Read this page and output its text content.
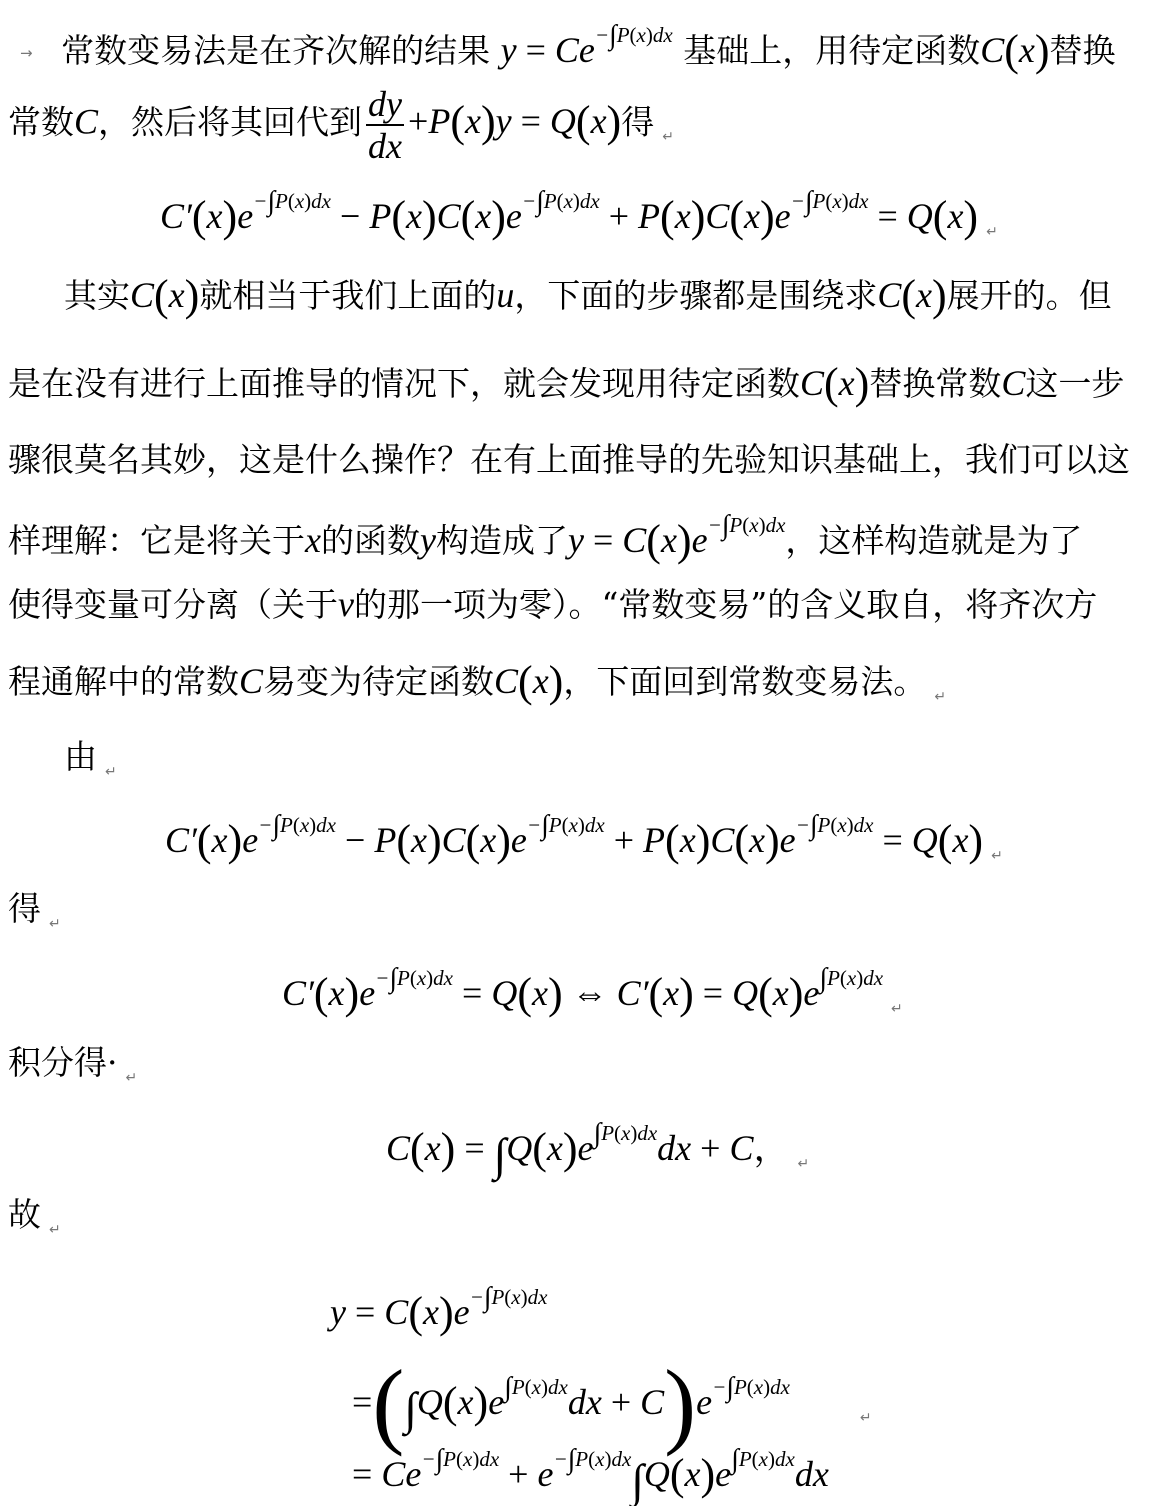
→ 常数变易法是在齐次解的结果 $y = Ce^{-\int P(x)dx}$ 基础上，用待定函数C(x)替换
常数C，然后将其回代到 $\frac{dy}{dx} +P(x)y = Q(x)$得 $_↵$
$C'(x)e^{-\int P(x)dx} - P(x)C(x)e^{-\int P(x)dx} + P(x)C(x)e^{-\int P(x)dx} = Q(x)$ $_↵$
其实C(x)就相当于我们上面的u，下面的步骤都是围绕求C(x)展开的。但
是在没有进行上面推导的情况下，就会发现用待定函数C(x)替换常数C这一步
骤很莫名其妙，这是什么操作？在有上面推导的先验知识基础上，我们可以这
样理解：它是将关于x的函数y构造成了$y = C(x)e^{-\int P(x)dx}$，这样构造就是为了
使得变量可分离（关于v的那一项为零）。“常数变易”的含义取自，将齐次方
程通解中的常数C易变为待定函数C(x)，下面回到常数变易法。 $_↵$
由 $_↵$
$C'(x)e^{-\int P(x)dx} - P(x)C(x)e^{-\int P(x)dx} + P(x)C(x)e^{-\int P(x)dx} = Q(x)$ $_↵$
得 $_↵$
$C'(x)e^{-\int P(x)dx} = Q(x)$ ⇔ $C'(x) = Q(x)e^{\int P(x)dx}_↵$
积分得· $_↵$
$C(x) = \int Q(x)e^{\int P(x)dx}dx + C$， $_↵$
故 $_↵$
$y = C(x)e^{-\int P(x)dx}$
$=(\int Q(x)e^{\int P(x)dx}dx + C)e^{-\int P(x)dx}_↵$
= $Ce^{-\int P(x)dx} + e^{-\int P(x)dx}\int Q(x)e^{\int P(x)dx}dx$
